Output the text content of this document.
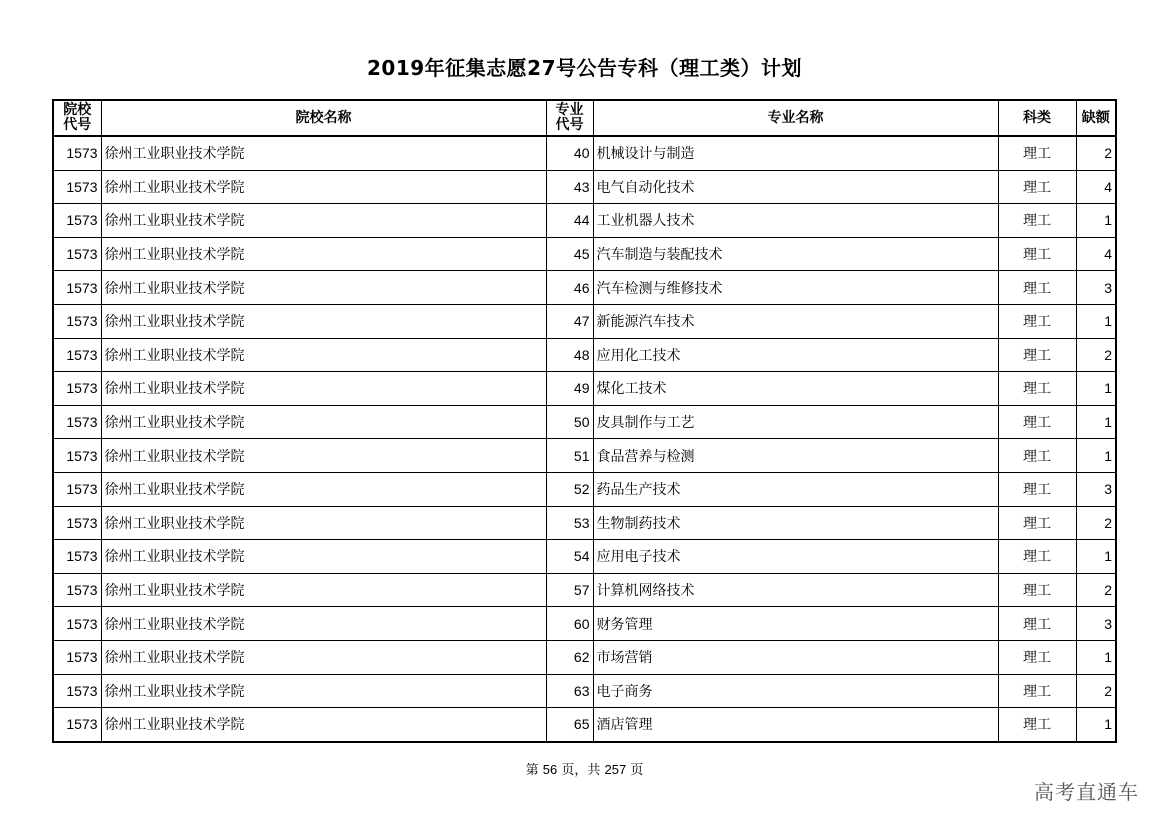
2019年征集志愿27号公告专科（理工类）计划
院校代号	院校名称	专业代号	专业名称	科类	缺额
1573	徐州工业职业技术学院	40	机械设计与制造	理工	2
1573	徐州工业职业技术学院	43	电气自动化技术	理工	4
1573	徐州工业职业技术学院	44	工业机器人技术	理工	1
1573	徐州工业职业技术学院	45	汽车制造与装配技术	理工	4
1573	徐州工业职业技术学院	46	汽车检测与维修技术	理工	3
1573	徐州工业职业技术学院	47	新能源汽车技术	理工	1
1573	徐州工业职业技术学院	48	应用化工技术	理工	2
1573	徐州工业职业技术学院	49	煤化工技术	理工	1
1573	徐州工业职业技术学院	50	皮具制作与工艺	理工	1
1573	徐州工业职业技术学院	51	食品营养与检测	理工	1
1573	徐州工业职业技术学院	52	药品生产技术	理工	3
1573	徐州工业职业技术学院	53	生物制药技术	理工	2
1573	徐州工业职业技术学院	54	应用电子技术	理工	1
1573	徐州工业职业技术学院	57	计算机网络技术	理工	2
1573	徐州工业职业技术学院	60	财务管理	理工	3
1573	徐州工业职业技术学院	62	市场营销	理工	1
1573	徐州工业职业技术学院	63	电子商务	理工	2
1573	徐州工业职业技术学院	65	酒店管理	理工	1
第 56 页，共 257 页
高考直通车
